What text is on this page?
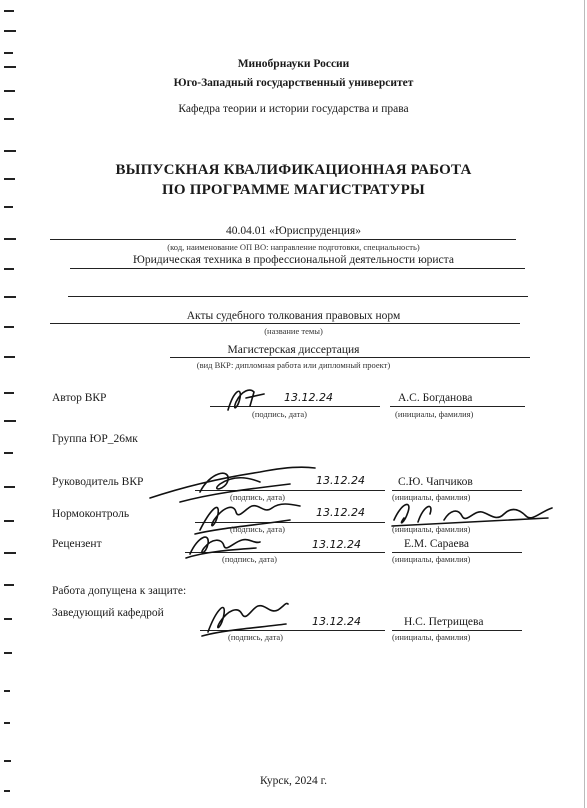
Минобрнауки России
Юго-Западный государственный университет
Кафедра теории и истории государства и права
ВЫПУСКНАЯ КВАЛИФИКАЦИОННАЯ РАБОТА
ПО ПРОГРАММЕ МАГИСТРАТУРЫ
40.04.01 «Юриспруденция»
(код, наименование ОП ВО: направление подготовки, специальность)
Юридическая техника в профессиональной деятельности юриста
Акты судебного толкования правовых норм
(название темы)
Магистерская диссертация
(вид ВКР: дипломная работа или дипломный проект)
Автор ВКР	13.12.24	А.С. Богданова
(подпись, дата)	(инициалы, фамилия)
Группа ЮР_26мк
Руководитель ВКР	13.12.24	С.Ю. Чапчиков
(подпись, дата)	(инициалы, фамилия)
Нормоконтроль	13.12.24
(подпись, дата)	(инициалы, фамилия)
Рецензент	13.12.24	Е.М. Сараева
(подпись, дата)	(инициалы, фамилия)
Работа допущена к защите:
Заведующий кафедрой
13.12.24	Н.С. Петрищева
(подпись, дата)	(инициалы, фамилия)
Курск, 2024 г.
